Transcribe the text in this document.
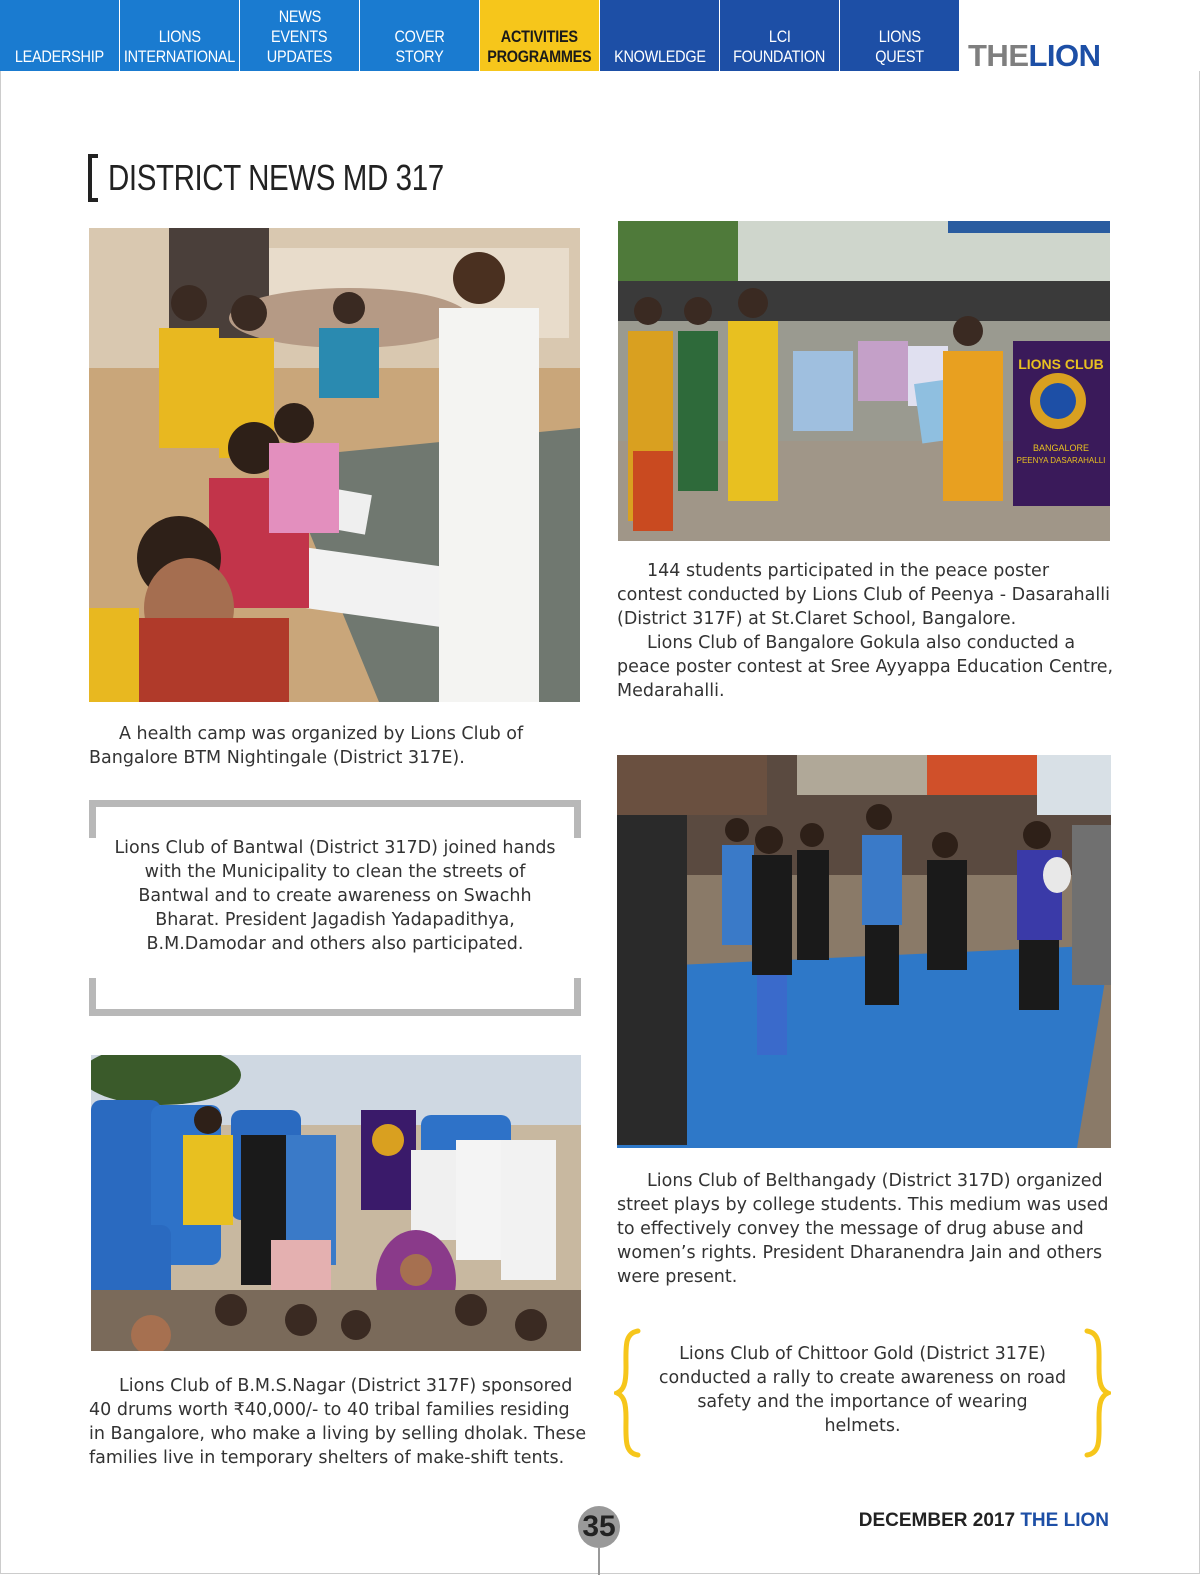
LEADERSHIP
LIONS
INTERNATIONAL
NEWS
EVENTS
UPDATES
COVER STORY
ACTIVITIES
PROGRAMMES KNOWLEDGE
LCI
FOUNDATION
LIONS
QUEST THELION
DISTRICT NEWS MD 317

A health camp was organized by Lions Club of Bangalore BTM Nightingale (District 317E).

LIONS CLUB
BANGALORE
PEENYA DASARAHALLI

144 students participated in the peace poster contest conducted by Lions Club of Peenya - Dasarahalli (District 317F) at St.Claret School, Bangalore.

Lions Club of Bangalore Gokula also conducted a peace poster contest at Sree Ayyappa Education Centre, Medarahalli.

Lions Club of Bantwal (District 317D) joined hands with the Municipality to clean the streets of Bantwal and to create awareness on Swachh Bharat. President Jagadish Yadapadithya, B.M.Damodar and others also participated.

Lions Club of Belthangady (District 317D) organized street plays by college students. This medium was used to effectively convey the message of drug abuse and women’s rights. President Dharanendra Jain and others were present.

Lions Club of B.M.S.Nagar (District 317F) sponsored 40 drums worth ₹40,000/- to 40 tribal families residing in Bangalore, who make a living by selling dholak. These families live in temporary shelters of make-shift tents.

Lions Club of Chittoor Gold (District 317E) conducted a rally to create awareness on road safety and the importance of wearing helmets.
35	DECEMBER 2017 THE LION
